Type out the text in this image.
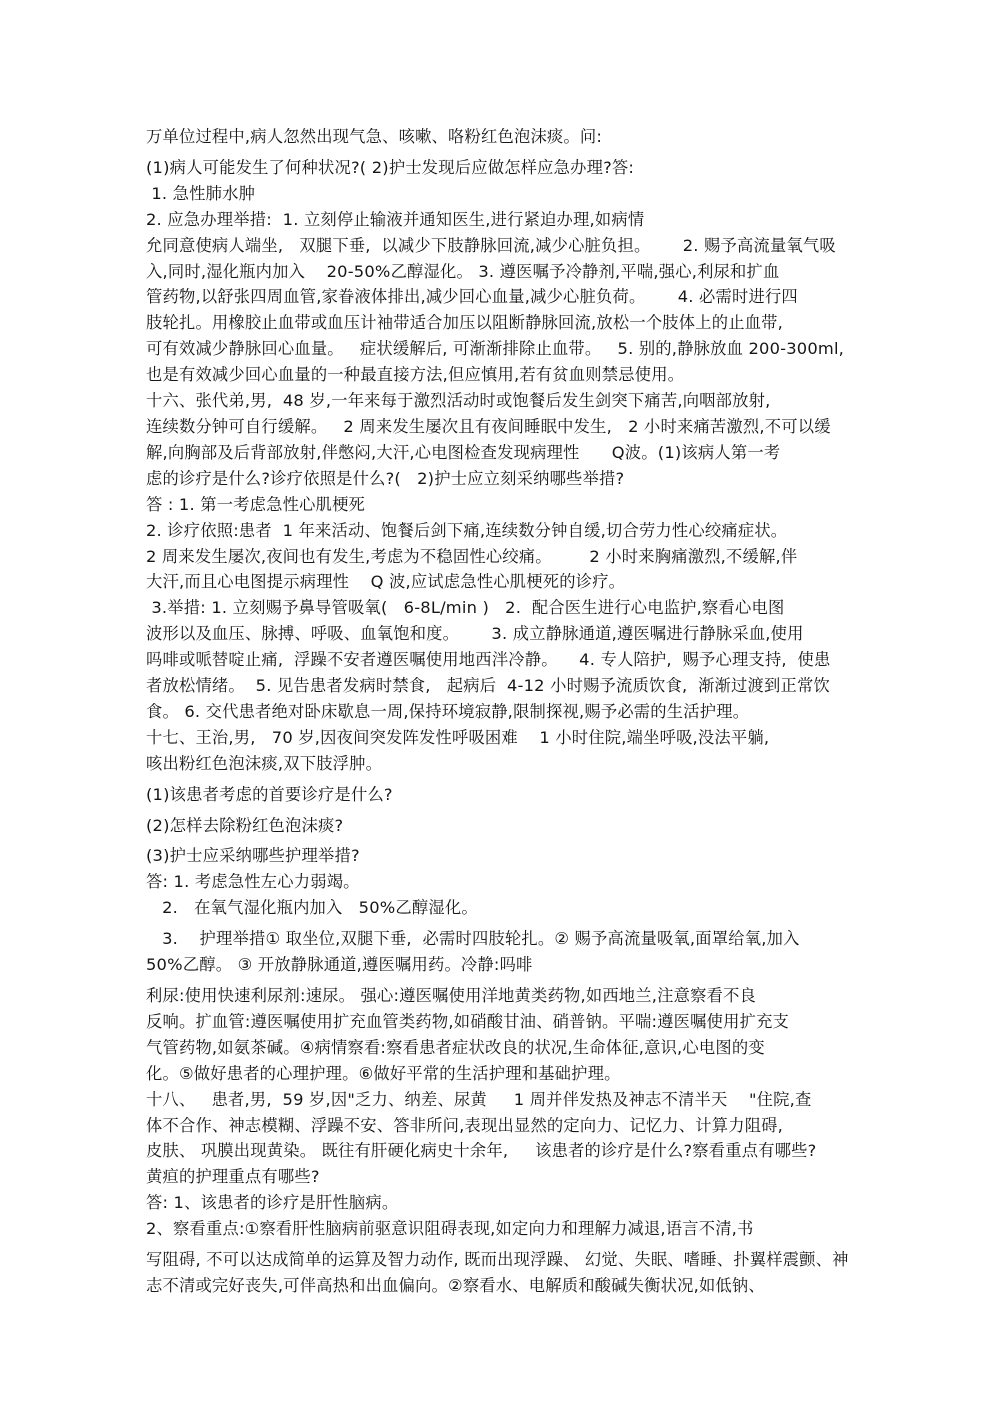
万单位过程中,病人忽然出现气急、咳嗽、咯粉红色泡沫痰。问:
(1)病人可能发生了何种状况?( 2)护士发现后应做怎样应急办理?答:
1. 急性肺水肿
2. 应急办理举措:  1. 立刻停止输液并通知医生,进行紧迫办理,如病情
允同意使病人端坐,   双腿下垂,  以减少下肢静脉回流,减少心脏负担。      2. 赐予高流量氧气吸
入,同时,湿化瓶内加入    20-50%乙醇湿化。 3. 遵医嘱予冷静剂,平喘,强心,利尿和扩血
管药物,以舒张四周血管,家眷液体排出,减少回心血量,减少心脏负荷。      4. 必需时进行四
肢轮扎。用橡胶止血带或血压计袖带适合加压以阻断静脉回流,放松一个肢体上的止血带,
可有效减少静脉回心血量。   症状缓解后, 可渐渐排除止血带。   5. 别的,静脉放血 200-300ml,
也是有效减少回心血量的一种最直接方法,但应慎用,若有贫血则禁忌使用。
十六、张代弟,男,  48 岁,一年来每于激烈活动时或饱餐后发生剑突下痛苦,向咽部放射,
连续数分钟可自行缓解。   2 周来发生屡次且有夜间睡眠中发生,   2 小时来痛苦激烈,不可以缓
解,向胸部及后背部放射,伴憋闷,大汗,心电图检查发现病理性      Q波。(1)该病人第一考
虑的诊疗是什么?诊疗依照是什么?(   2)护士应立刻采纳哪些举措?
答 : 1. 第一考虑急性心肌梗死
2. 诊疗依照:患者  1 年来活动、饱餐后剑下痛,连续数分钟自缓,切合劳力性心绞痛症状。
2 周来发生屡次,夜间也有发生,考虑为不稳固性心绞痛。       2 小时来胸痛激烈,不缓解,伴
大汗,而且心电图提示病理性    Q 波,应试虑急性心肌梗死的诊疗。
3.举措: 1. 立刻赐予鼻导管吸氧(   6-8L/min )   2.  配合医生进行心电监护,察看心电图
波形以及血压、脉搏、呼吸、血氧饱和度。      3. 成立静脉通道,遵医嘱进行静脉采血,使用
吗啡或哌替啶止痛,  浮躁不安者遵医嘱使用地西泮冷静。    4. 专人陪护,  赐予心理支持,  使患
者放松情绪。  5. 见告患者发病时禁食,   起病后  4-12 小时赐予流质饮食,  渐渐过渡到正常饮
食。 6. 交代患者绝对卧床歇息一周,保持环境寂静,限制探视,赐予必需的生活护理。
十七、王治,男,   70 岁,因夜间突发阵发性呼吸困难    1 小时住院,端坐呼吸,没法平躺,
咳出粉红色泡沫痰,双下肢浮肿。
(1)该患者考虑的首要诊疗是什么?
(2)怎样去除粉红色泡沫痰?
(3)护士应采纳哪些护理举措?
答: 1. 考虑急性左心力弱竭。
2.   在氧气湿化瓶内加入   50%乙醇湿化。
3.    护理举措① 取坐位,双腿下垂,  必需时四肢轮扎。② 赐予高流量吸氧,面罩给氧,加入
50%乙醇。 ③ 开放静脉通道,遵医嘱用药。冷静:吗啡
利尿:使用快速利尿剂:速尿。 强心:遵医嘱使用洋地黄类药物,如西地兰,注意察看不良
反响。扩血管:遵医嘱使用扩充血管类药物,如硝酸甘油、硝普钠。平喘:遵医嘱使用扩充支
气管药物,如氨茶碱。④病情察看:察看患者症状改良的状况,生命体征,意识,心电图的变
化。⑤做好患者的心理护理。⑥做好平常的生活护理和基础护理。
十八、   患者,男,  59 岁,因"乏力、纳差、尿黄     1 周并伴发热及神志不清半天    "住院,查
体不合作、神志模糊、浮躁不安、答非所问,表现出显然的定向力、记忆力、计算力阻碍,
皮肤、 巩膜出现黄染。 既往有肝硬化病史十余年,     该患者的诊疗是什么?察看重点有哪些?
黄疸的护理重点有哪些?
答: 1、该患者的诊疗是肝性脑病。
2、察看重点:①察看肝性脑病前驱意识阻碍表现,如定向力和理解力减退,语言不清,书
写阻碍, 不可以达成简单的运算及智力动作, 既而出现浮躁、 幻觉、失眠、嗜睡、扑翼样震颤、神
志不清或完好丧失,可伴高热和出血偏向。②察看水、电解质和酸碱失衡状况,如低钠、
